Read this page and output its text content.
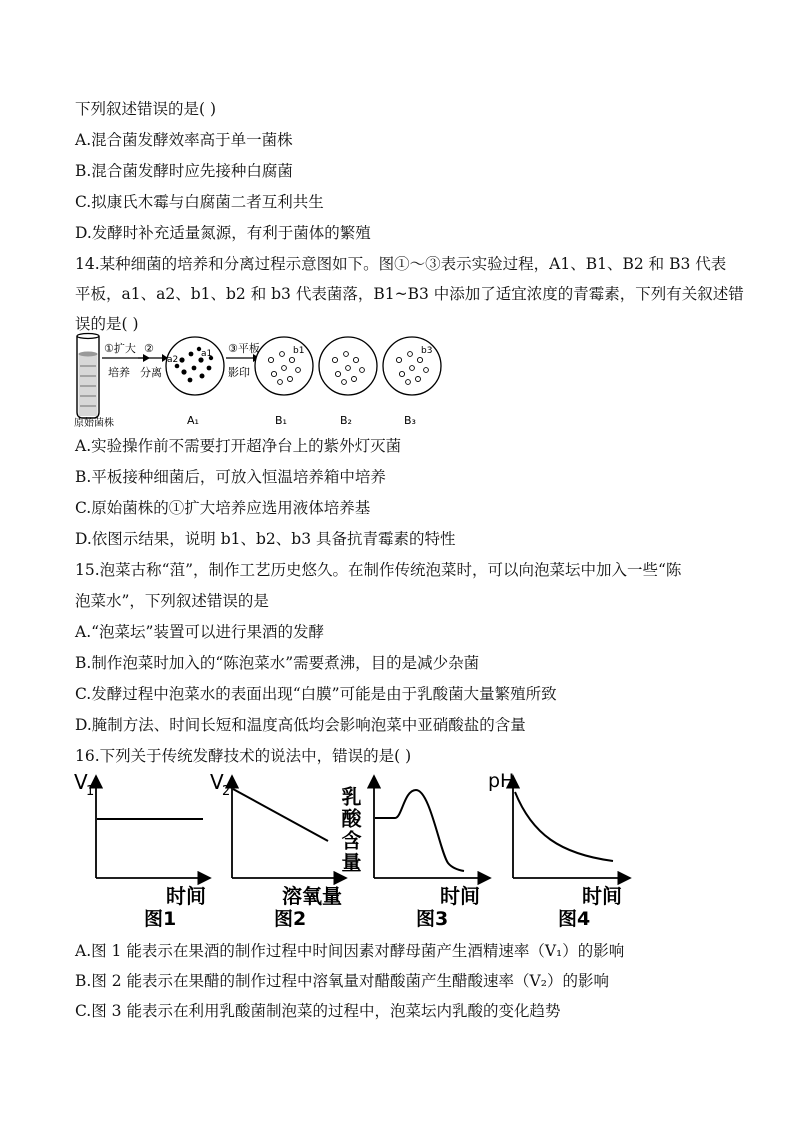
下列叙述错误的是( )
A.混合菌发酵效率高于单一菌株
B.混合菌发酵时应先接种白腐菌
C.拟康氏木霉与白腐菌二者互利共生
D.发酵时补充适量氮源，有利于菌体的繁殖
14.某种细菌的培养和分离过程示意图如下。图①～③表示实验过程，A1、B1、B2 和 B3 代表
平板，a1、a2、b1、b2 和 b3 代表菌落，B1~B3 中添加了适宜浓度的青霉素，下列有关叙述错
误的是( )
原始菌株
①扩大
培养
②
分离
a1
a2
A₁
③平板
影印
b1
B₁	B₂
b3
B₃
A.实验操作前不需要打开超净台上的紫外灯灭菌
B.平板接种细菌后，可放入恒温培养箱中培养
C.原始菌株的①扩大培养应选用液体培养基
D.依图示结果，说明 b1、b2、b3 具备抗青霉素的特性
15.泡菜古称“菹”，制作工艺历史悠久。在制作传统泡菜时，可以向泡菜坛中加入一些“陈
泡菜水”，下列叙述错误的是
A.“泡菜坛”装置可以进行果酒的发酵
B.制作泡菜时加入的“陈泡菜水”需要煮沸，目的是减少杂菌
C.发酵过程中泡菜水的表面出现“白膜”可能是由于乳酸菌大量繁殖所致
D.腌制方法、时间长短和温度高低均会影响泡菜中亚硝酸盐的含量
16.下列关于传统发酵技术的说法中，错误的是( )
V
1
时间
图1
V
2
溶氧量
图2
乳酸含量
时间
图3
pH
时间
图4
A.图 1 能表示在果酒的制作过程中时间因素对酵母菌产生酒精速率（V₁）的影响
B.图 2 能表示在果醋的制作过程中溶氧量对醋酸菌产生醋酸速率（V₂）的影响
C.图 3 能表示在利用乳酸菌制泡菜的过程中，泡菜坛内乳酸的变化趋势
